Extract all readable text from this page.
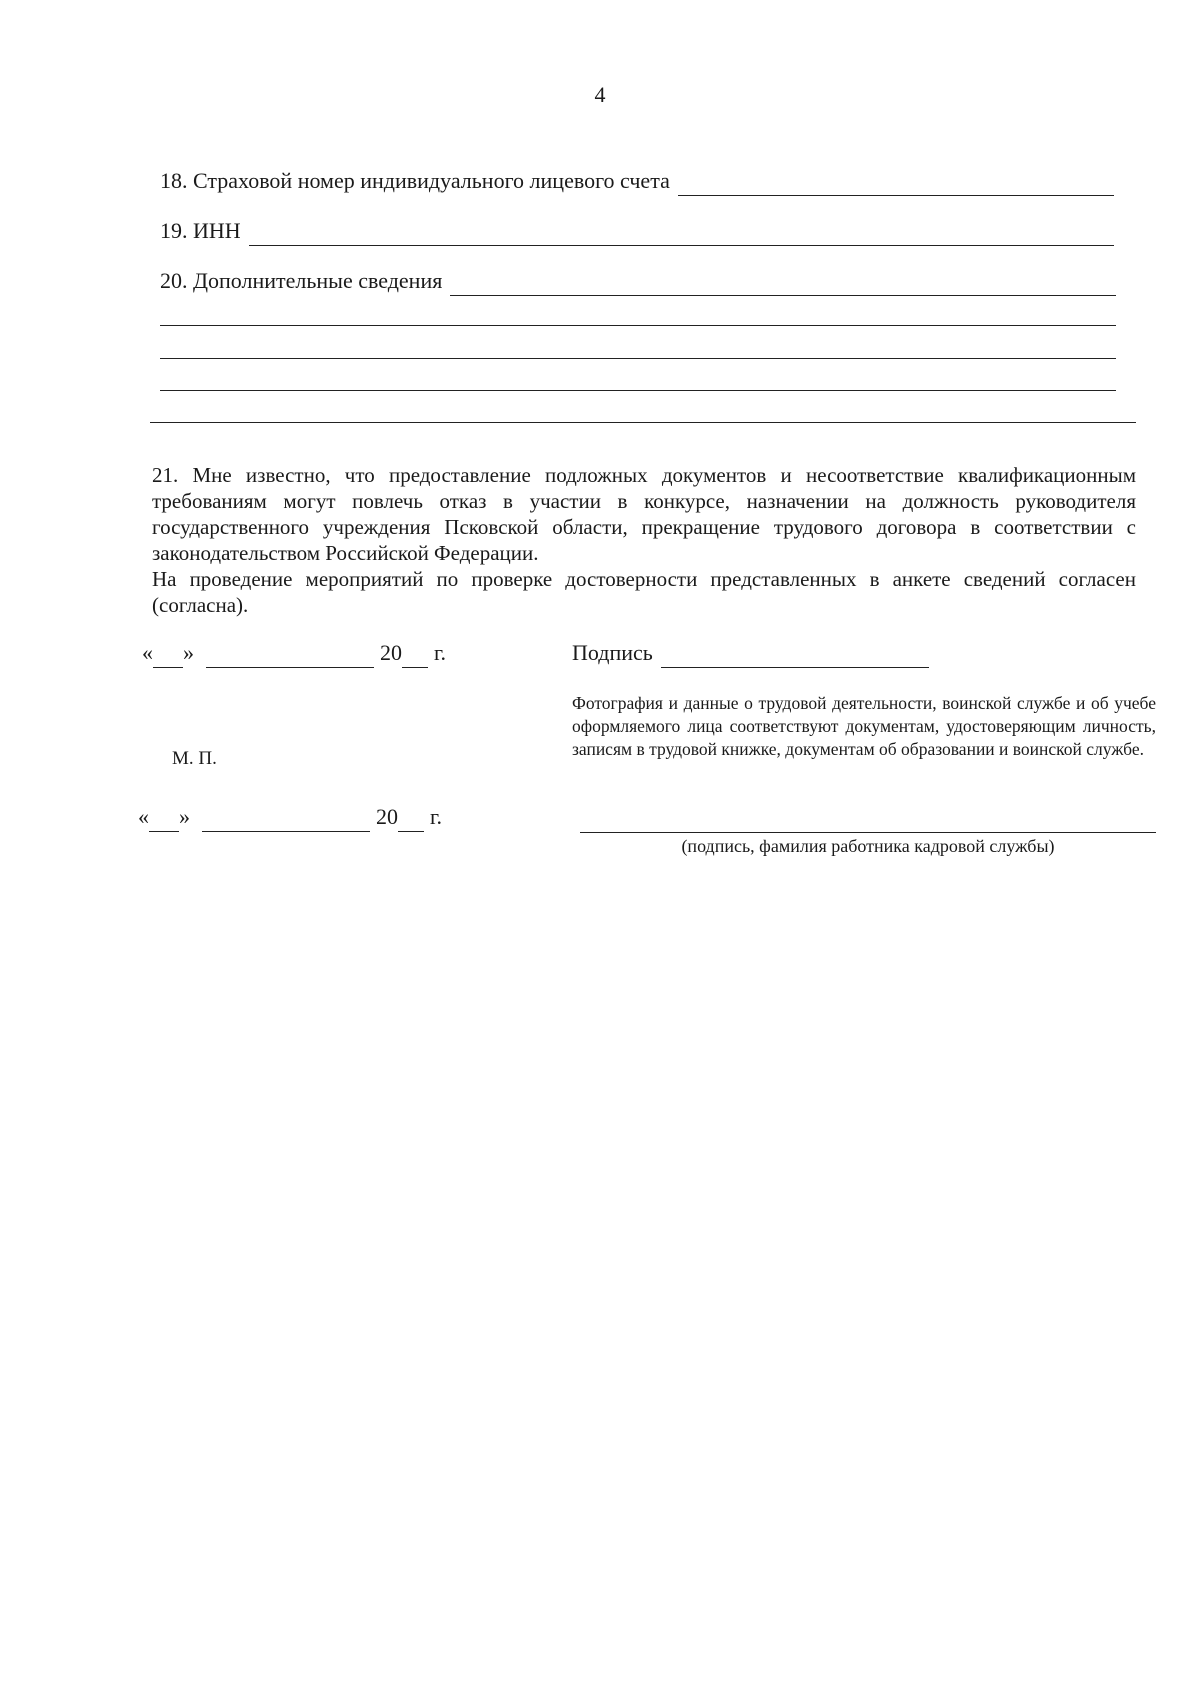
4
18. Страховой номер индивидуального лицевого счета
19. ИНН
20. Дополнительные сведения

21. Мне известно, что предоставление подложных документов и несоответствие квалификационным требованиям могут повлечь отказ в участии в конкурсе, назначении на должность руководителя государственного учреждения Псковской области, прекращение трудового договора в соответствии с законодательством Российской Федерации.

На проведение мероприятий по проверке достоверности представленных в анкете сведений согласен (согласна).

« »	20 г.	Подпись
Фотография и данные о трудовой деятельности, воинской службе и об учебе оформляемого лица соответствуют документам, удостоверяющим личность, записям в трудовой книжке, документам об образовании и воинской службе.
М. П.
« »	20 г.
(подпись, фамилия работника кадровой службы)
